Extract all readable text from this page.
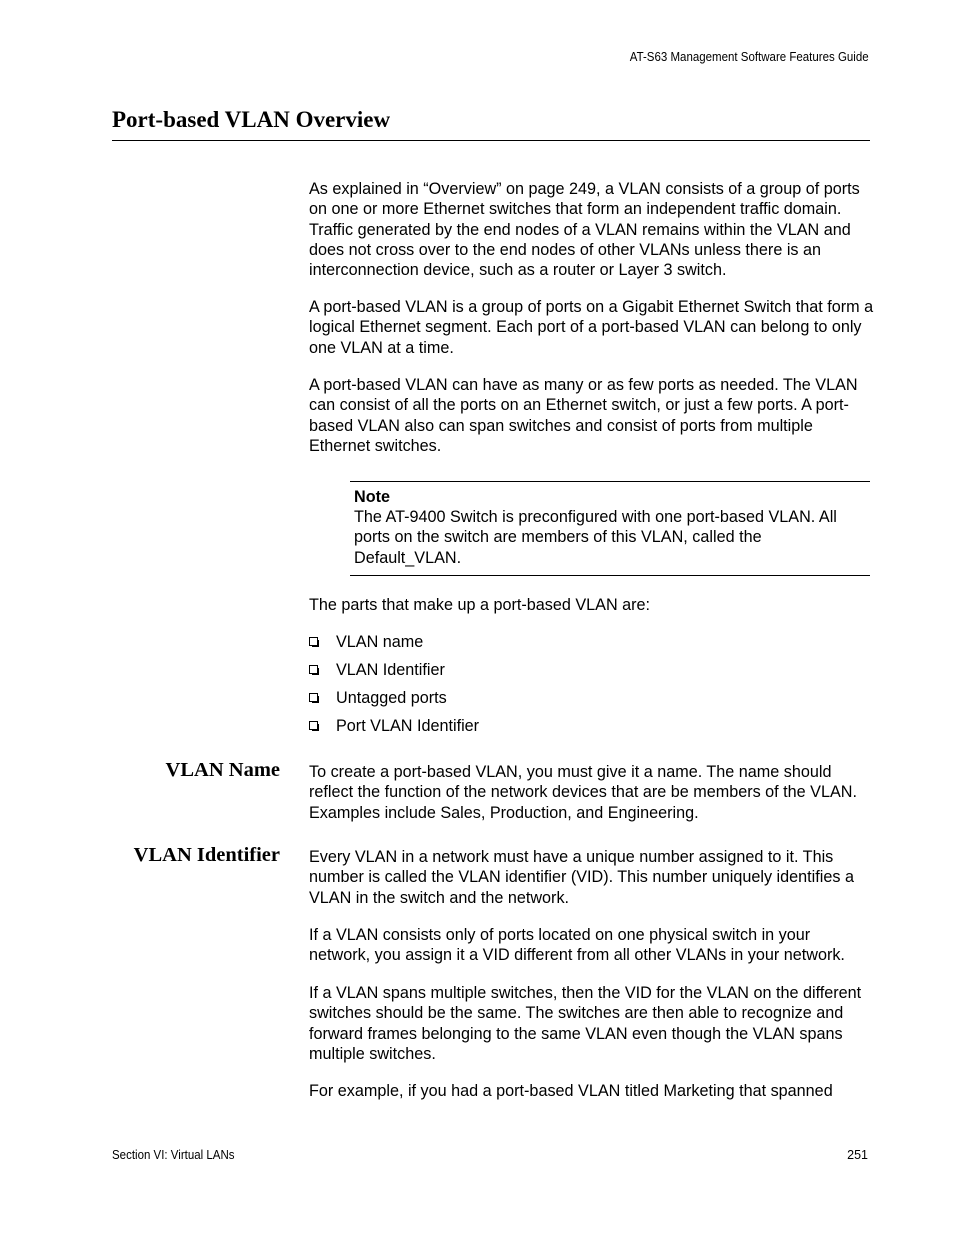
AT-S63 Management Software Features Guide
Port-based VLAN Overview

As explained in “Overview” on page 249, a VLAN consists of a group of ports on one or more Ethernet switches that form an independent traffic domain. Traffic generated by the end nodes of a VLAN remains within the VLAN and does not cross over to the end nodes of other VLANs unless there is an interconnection device, such as a router or Layer 3 switch.

A port-based VLAN is a group of ports on a Gigabit Ethernet Switch that form a logical Ethernet segment. Each port of a port-based VLAN can belong to only one VLAN at a time.

A port-based VLAN can have as many or as few ports as needed. The VLAN can consist of all the ports on an Ethernet switch, or just a few ports. A port-based VLAN also can span switches and consist of ports from multiple Ethernet switches.

Note
The AT-9400 Switch is preconfigured with one port-based VLAN. All ports on the switch are members of this VLAN, called the Default_VLAN.

The parts that make up a port-based VLAN are:

VLAN name
VLAN Identifier
Untagged ports
Port VLAN Identifier
VLAN Name To create a port-based VLAN, you must give it a name. The name should reflect the function of the network devices that are be members of the VLAN. Examples include Sales, Production, and Engineering.

VLAN Identifier Every VLAN in a network must have a unique number assigned to it. This number is called the VLAN identifier (VID). This number uniquely identifies a VLAN in the switch and the network.

If a VLAN consists only of ports located on one physical switch in your network, you assign it a VID different from all other VLANs in your network.

If a VLAN spans multiple switches, then the VID for the VLAN on the different switches should be the same. The switches are then able to recognize and forward frames belonging to the same VLAN even though the VLAN spans multiple switches.

For example, if you had a port-based VLAN titled Marketing that spanned

Section VI: Virtual LANs	251
